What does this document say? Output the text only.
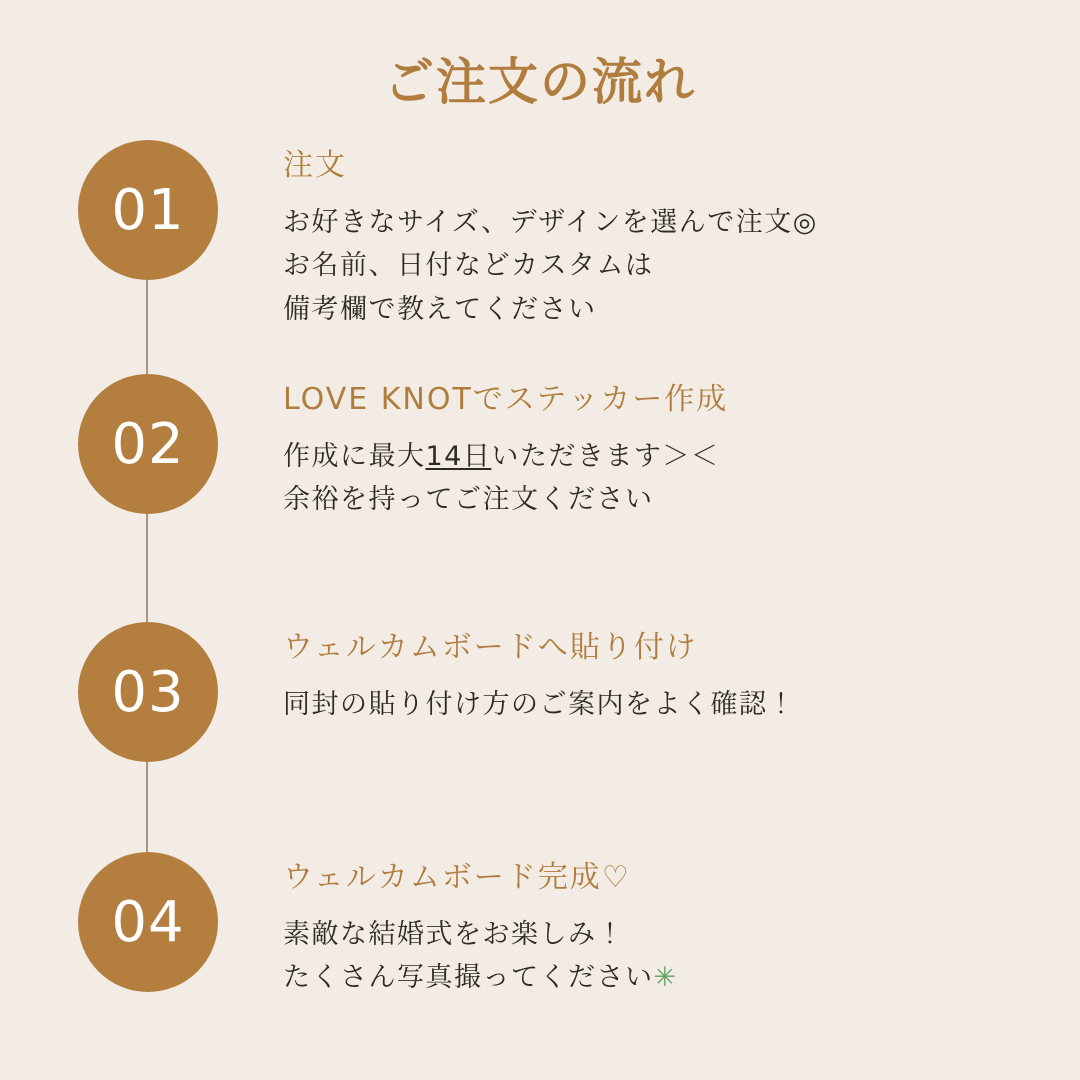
ご注文の流れ
01
注文
お好きなサイズ、デザインを選んで注文◎
お名前、日付などカスタムは
備考欄で教えてください
02
LOVE KNOTでステッカー作成
作成に最大14日いただきます＞＜
余裕を持ってご注文ください
03
ウェルカムボードへ貼り付け
同封の貼り付け方のご案内をよく確認！
04
ウェルカムボード完成♡
素敵な結婚式をお楽しみ！
たくさん写真撮ってください✳
